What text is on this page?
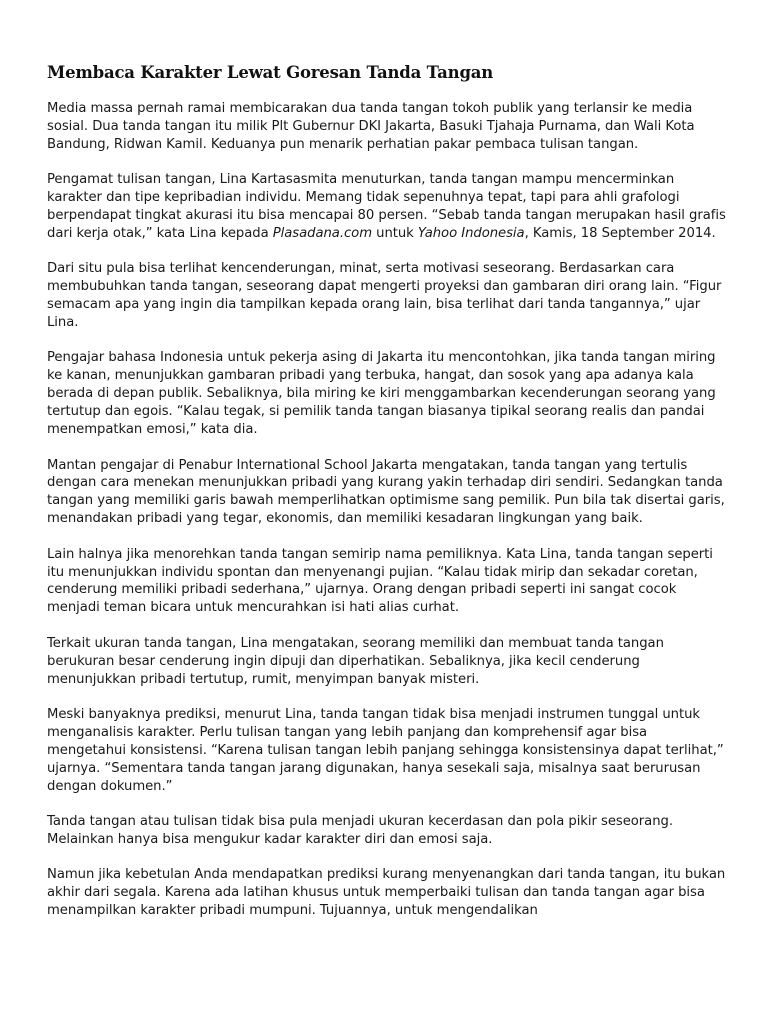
Membaca Karakter Lewat Goresan Tanda Tangan

Media massa pernah ramai membicarakan dua tanda tangan tokoh publik yang terlansir ke media sosial. Dua tanda tangan itu milik Plt Gubernur DKI Jakarta, Basuki Tjahaja Purnama, dan Wali Kota Bandung, Ridwan Kamil. Keduanya pun menarik perhatian pakar pembaca tulisan tangan.

Pengamat tulisan tangan, Lina Kartasasmita menuturkan, tanda tangan mampu mencerminkan karakter dan tipe kepribadian individu. Memang tidak sepenuhnya tepat, tapi para ahli grafologi berpendapat tingkat akurasi itu bisa mencapai 80 persen. “Sebab tanda tangan merupakan hasil grafis dari kerja otak,” kata Lina kepada Plasadana.com untuk Yahoo Indonesia, Kamis, 18 September 2014.

Dari situ pula bisa terlihat kencenderungan, minat, serta motivasi seseorang. Berdasarkan cara membubuhkan tanda tangan, seseorang dapat mengerti proyeksi dan gambaran diri orang lain. “Figur semacam apa yang ingin dia tampilkan kepada orang lain, bisa terlihat dari tanda tangannya,” ujar Lina.

Pengajar bahasa Indonesia untuk pekerja asing di Jakarta itu mencontohkan, jika tanda tangan miring ke kanan, menunjukkan gambaran pribadi yang terbuka, hangat, dan sosok yang apa adanya kala berada di depan publik. Sebaliknya, bila miring ke kiri menggambarkan kecenderungan seorang yang tertutup dan egois. “Kalau tegak, si pemilik tanda tangan biasanya tipikal seorang realis dan pandai menempatkan emosi,” kata dia.

Mantan pengajar di Penabur International School Jakarta mengatakan, tanda tangan yang tertulis dengan cara menekan menunjukkan pribadi yang kurang yakin terhadap diri sendiri. Sedangkan tanda tangan yang memiliki garis bawah memperlihatkan optimisme sang pemilik. Pun bila tak disertai garis, menandakan pribadi yang tegar, ekonomis, dan memiliki kesadaran lingkungan yang baik.

Lain halnya jika menorehkan tanda tangan semirip nama pemiliknya. Kata Lina, tanda tangan seperti itu menunjukkan individu spontan dan menyenangi pujian. “Kalau tidak mirip dan sekadar coretan, cenderung memiliki pribadi sederhana,” ujarnya. Orang dengan pribadi seperti ini sangat cocok menjadi teman bicara untuk mencurahkan isi hati alias curhat.

Terkait ukuran tanda tangan, Lina mengatakan, seorang memiliki dan membuat tanda tangan berukuran besar cenderung ingin dipuji dan diperhatikan. Sebaliknya, jika kecil cenderung menunjukkan pribadi tertutup, rumit, menyimpan banyak misteri.

Meski banyaknya prediksi, menurut Lina, tanda tangan tidak bisa menjadi instrumen tunggal untuk menganalisis karakter. Perlu tulisan tangan yang lebih panjang dan komprehensif agar bisa mengetahui konsistensi. “Karena tulisan tangan lebih panjang sehingga konsistensinya dapat terlihat,” ujarnya. “Sementara tanda tangan jarang digunakan, hanya sesekali saja, misalnya saat berurusan dengan dokumen.”

Tanda tangan atau tulisan tidak bisa pula menjadi ukuran kecerdasan dan pola pikir seseorang. Melainkan hanya bisa mengukur kadar karakter diri dan emosi saja.

Namun jika kebetulan Anda mendapatkan prediksi kurang menyenangkan dari tanda tangan, itu bukan akhir dari segala. Karena ada latihan khusus untuk memperbaiki tulisan dan tanda tangan agar bisa menampilkan karakter pribadi mumpuni. Tujuannya, untuk mengendalikan
